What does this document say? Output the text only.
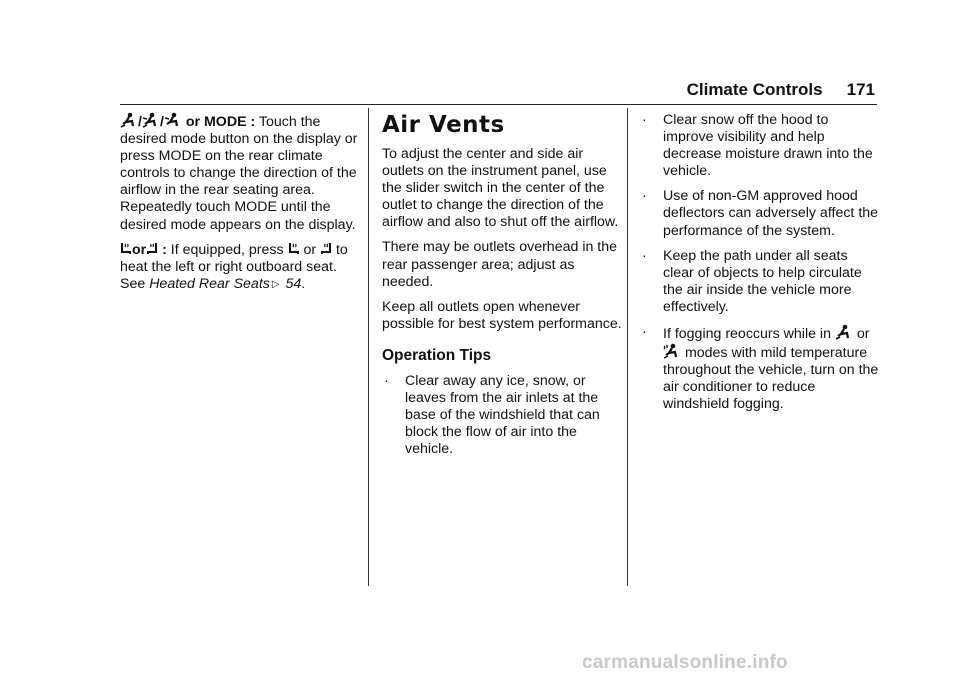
Climate Controls 171

/ / or MODE : Touch the desired mode button on the display or press MODE on the rear climate controls to change the direction of the airflow in the rear seating area. Repeatedly touch MODE until the desired mode appears on the display.

or
: If equipped, press
or
to heat the left or right outboard seat. See Heated Rear Seats ▷ 54.

Air Vents

To adjust the center and side air outlets on the instrument panel, use the slider switch in the center of the outlet to change the direction of the airflow and also to shut off the airflow.

There may be outlets overhead in the rear passenger area; adjust as needed.

Keep all outlets open whenever possible for best system performance.

Operation Tips
· Clear away any ice, snow, or leaves from the air inlets at the base of the windshield that can block the flow of air into the vehicle.
· Clear snow off the hood to improve visibility and help decrease moisture drawn into the vehicle.
· Use of non-GM approved hood deflectors can adversely affect the performance of the system.
· Keep the path under all seats clear of objects to help circulate the air inside the vehicle more effectively.
· If fogging reoccurs while in
or

modes with mild temperature throughout the vehicle, turn on the air conditioner to reduce windshield fogging.
carmanualsonline.info
